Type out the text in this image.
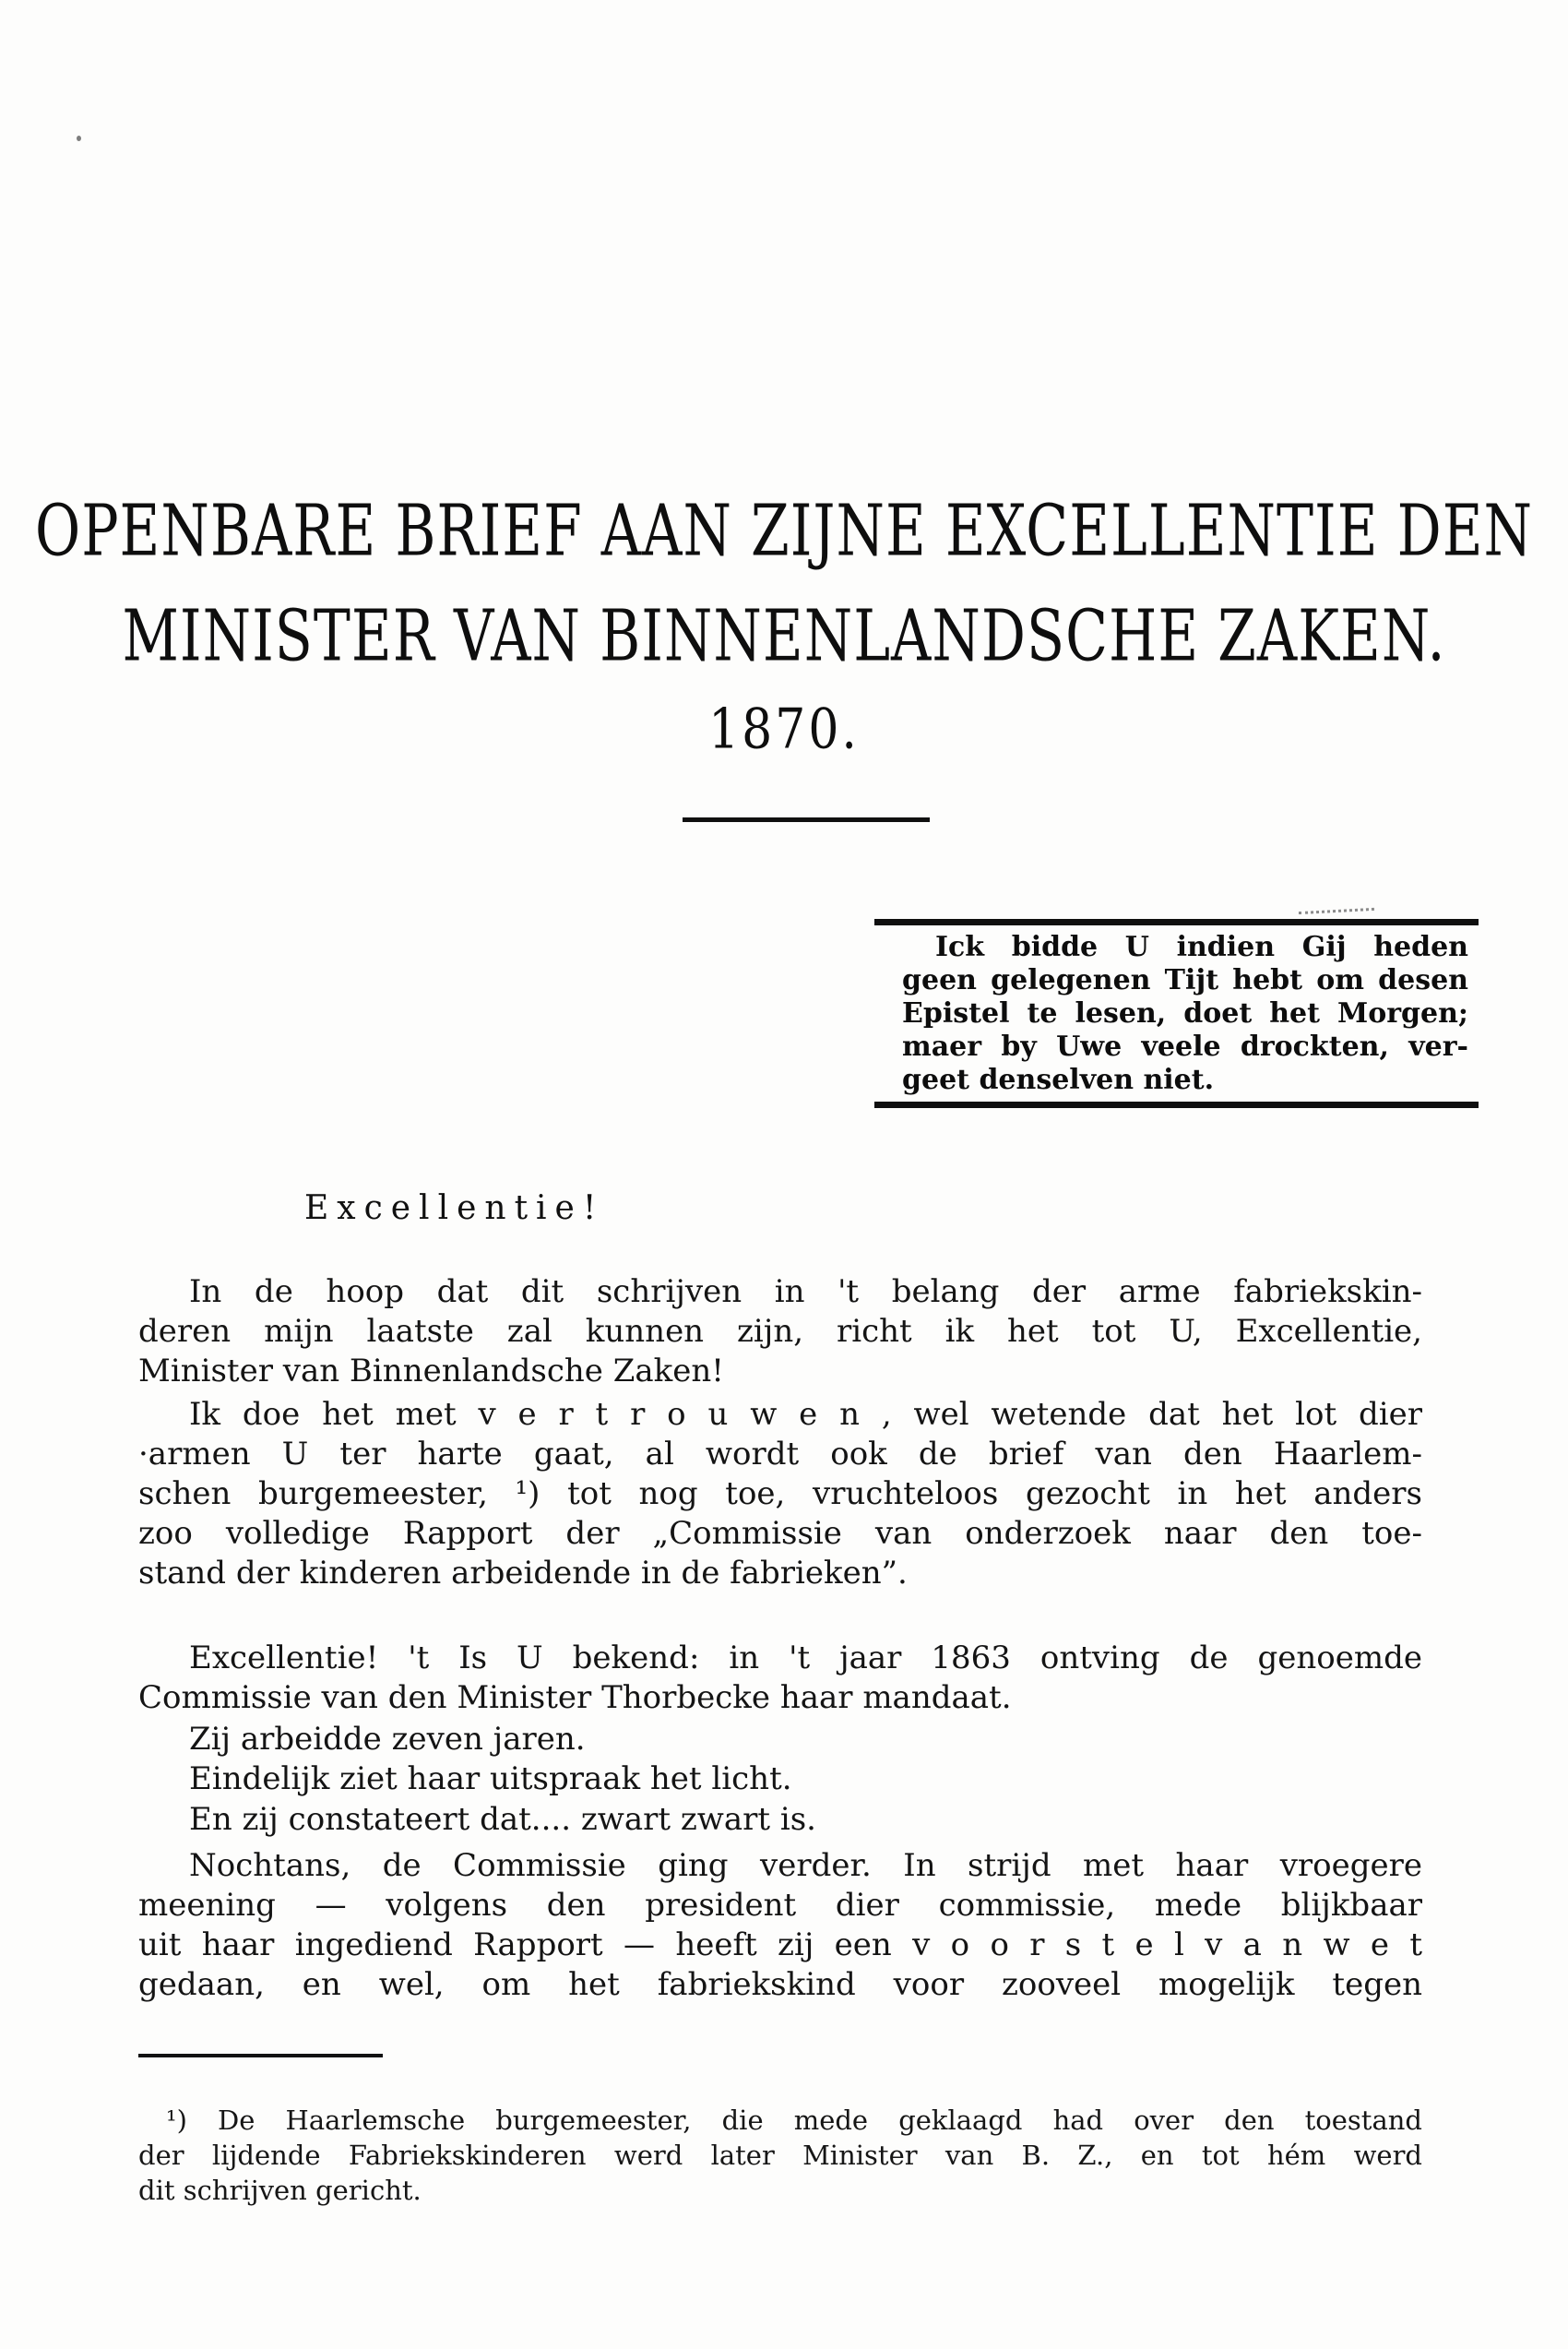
OPENBARE BRIEF AAN ZIJNE EXCELLENTIE DEN
MINISTER VAN BINNENLANDSCHE ZAKEN.
1870.
Ick bidde U indien Gij heden
geen gelegenen Tijt hebt om desen
Epistel te lesen, doet het Morgen;
maer by Uwe veele drockten, ver-
geet denselven niet.
Excellentie!
In de hoop dat dit schrijven in 't belang der arme fabriekskin-
deren mijn laatste zal kunnen zijn, richt ik het tot U, Excellentie,
Minister van Binnenlandsche Zaken!
Ik doe het met v e r t r o u w e n , wel wetende dat het lot dier
·armen U ter harte gaat, al wordt ook de brief van den Haarlem-
schen burgemeester, ¹) tot nog toe, vruchteloos gezocht in het anders
zoo volledige Rapport der „Commissie van onderzoek naar den toe-
stand der kinderen arbeidende in de fabrieken”.
Excellentie! 't Is U bekend: in 't jaar 1863 ontving de genoemde
Commissie van den Minister Thorbecke haar mandaat.
Zij arbeidde zeven jaren.
Eindelijk ziet haar uitspraak het licht.
En zij constateert dat.... zwart zwart is.
Nochtans, de Commissie ging verder. In strijd met haar vroegere
meening — volgens den president dier commissie, mede blijkbaar
uit haar ingediend Rapport — heeft zij een v o o r s t e l v a n w e t
gedaan, en wel, om het fabriekskind voor zooveel mogelijk tegen
¹) De Haarlemsche burgemeester, die mede geklaagd had over den toestand
der lijdende Fabriekskinderen werd later Minister van B. Z., en tot hém werd
dit schrijven gericht.
